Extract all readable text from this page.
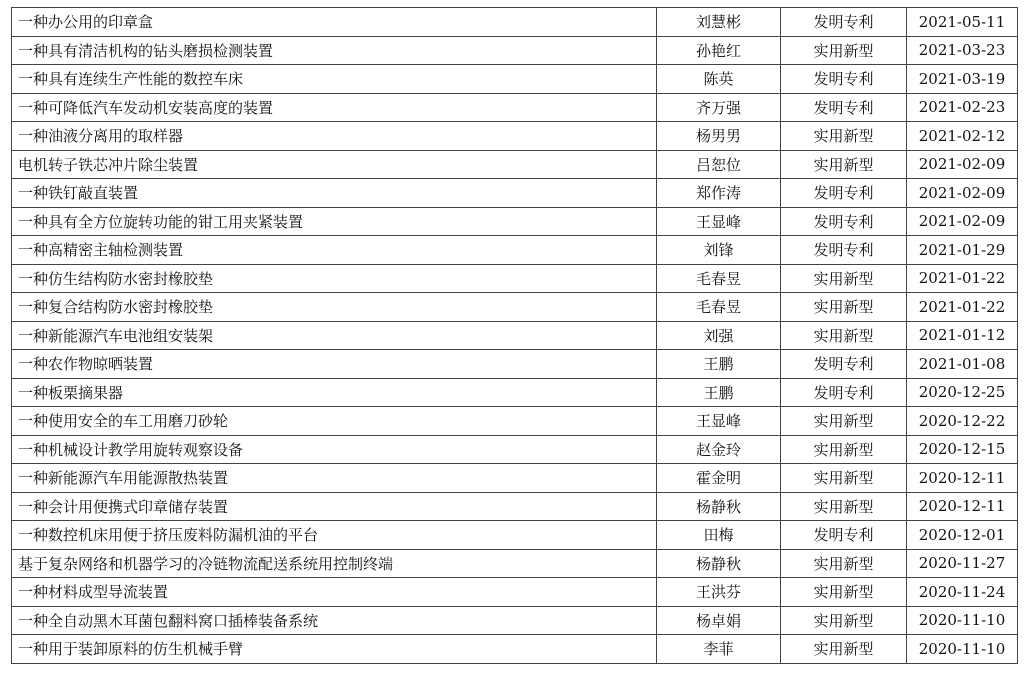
一种办公用的印章盒	刘慧彬	发明专利	2021-05-11
一种具有清洁机构的钻头磨损检测装置	孙艳红	实用新型	2021-03-23
一种具有连续生产性能的数控车床	陈英	发明专利	2021-03-19
一种可降低汽车发动机安装高度的装置	齐万强	发明专利	2021-02-23
一种油液分离用的取样器	杨男男	实用新型	2021-02-12
电机转子铁芯冲片除尘装置	吕恕位	实用新型	2021-02-09
一种铁钉敲直装置	郑作涛	发明专利	2021-02-09
一种具有全方位旋转功能的钳工用夹紧装置	王显峰	发明专利	2021-02-09
一种高精密主轴检测装置	刘锋	发明专利	2021-01-29
一种仿生结构防水密封橡胶垫	毛春昱	实用新型	2021-01-22
一种复合结构防水密封橡胶垫	毛春昱	实用新型	2021-01-22
一种新能源汽车电池组安装架	刘强	实用新型	2021-01-12
一种农作物晾晒装置	王鹏	发明专利	2021-01-08
一种板栗摘果器	王鹏	发明专利	2020-12-25
一种使用安全的车工用磨刀砂轮	王显峰	实用新型	2020-12-22
一种机械设计教学用旋转观察设备	赵金玲	实用新型	2020-12-15
一种新能源汽车用能源散热装置	霍金明	实用新型	2020-12-11
一种会计用便携式印章储存装置	杨静秋	实用新型	2020-12-11
一种数控机床用便于挤压废料防漏机油的平台	田梅	发明专利	2020-12-01
基于复杂网络和机器学习的冷链物流配送系统用控制终端	杨静秋	实用新型	2020-11-27
一种材料成型导流装置	王洪芬	实用新型	2020-11-24
一种全自动黑木耳菌包翻料窝口插棒装备系统	杨卓娟	实用新型	2020-11-10
一种用于装卸原料的仿生机械手臂	李菲	实用新型	2020-11-10
